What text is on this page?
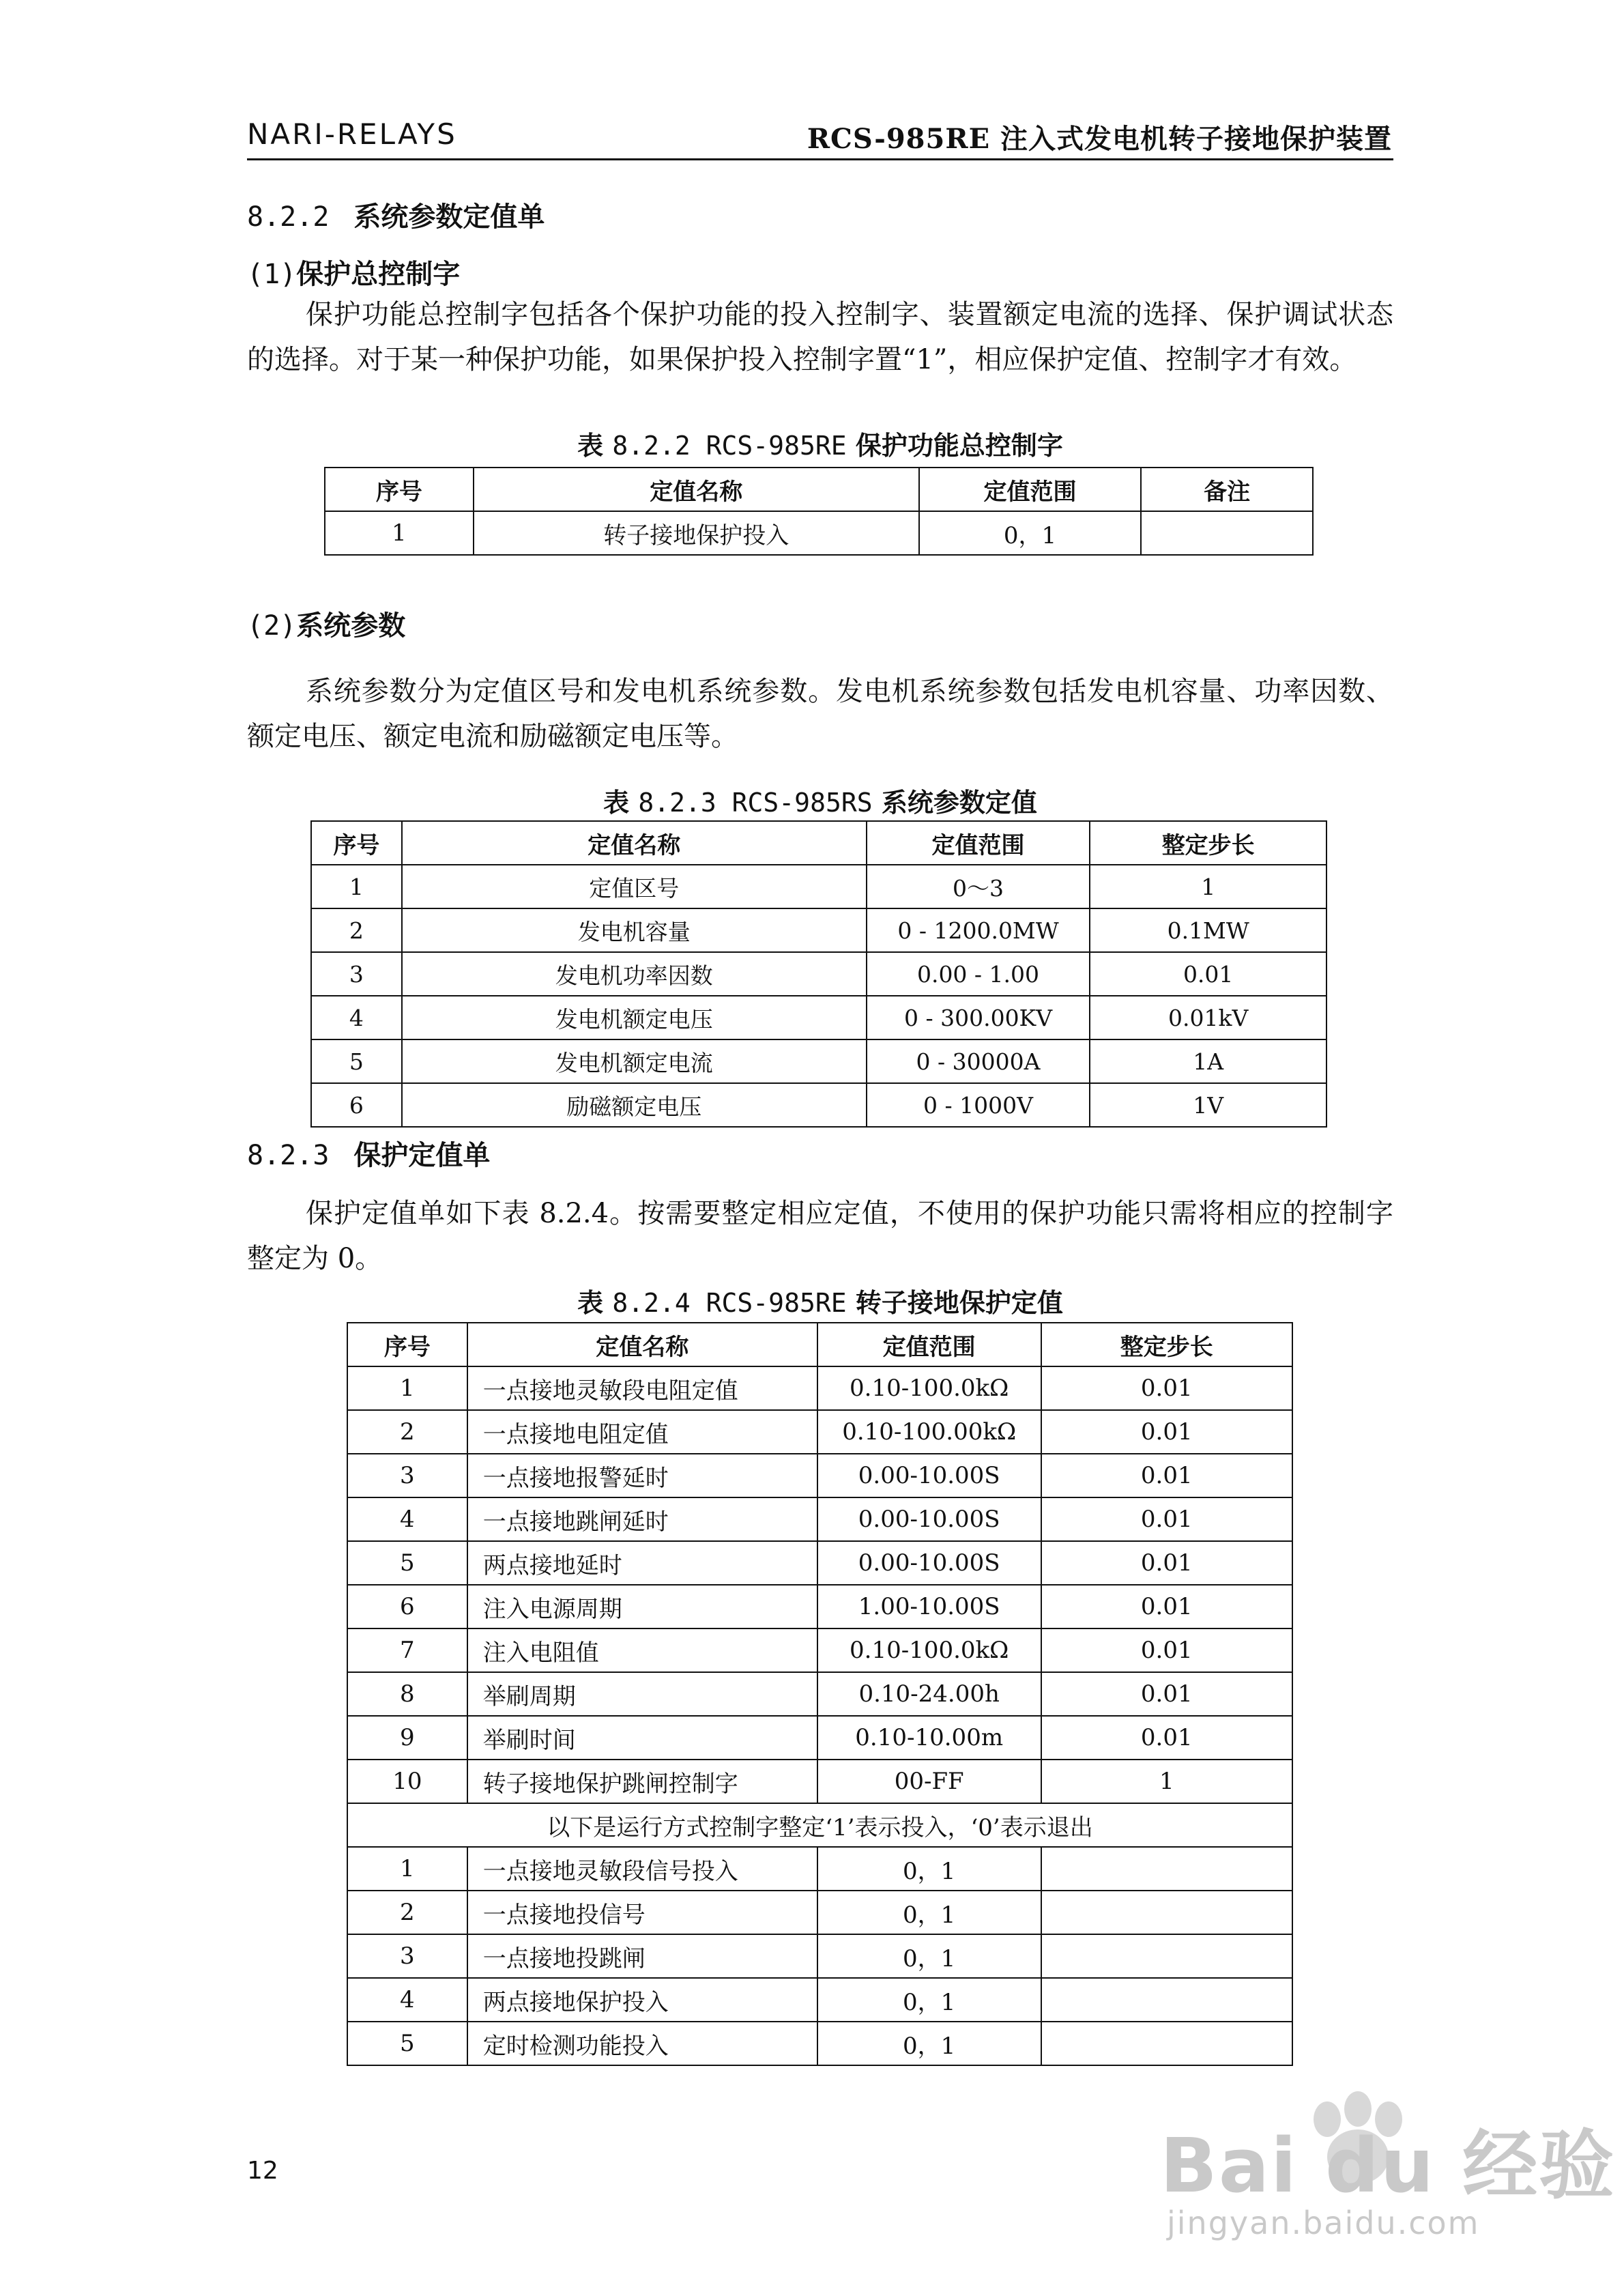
NARI-RELAYS	RCS-985RE 注入式发电机转子接地保护装置
8.2.2 系统参数定值单
(1)保护总控制字
保护功能总控制字包括各个保护功能的投入控制字、装置额定电流的选择、保护调试状态的选择。对于某一种保护功能，如果保护投入控制字置“1”，相应保护定值、控制字才有效。
表 8.2.2 RCS-985RE 保护功能总控制字
序号	定值名称	定值范围	备注
1	转子接地保护投入	0，1	
(2)系统参数
系统参数分为定值区号和发电机系统参数。发电机系统参数包括发电机容量、功率因数、额定电压、额定电流和励磁额定电压等。
表 8.2.3 RCS-985RS 系统参数定值
序号	定值名称	定值范围	整定步长
1	定值区号	0～3	1
2	发电机容量	0 - 1200.0MW	0.1MW
3	发电机功率因数	0.00 - 1.00	0.01
4	发电机额定电压	0 - 300.00KV	0.01kV
5	发电机额定电流	0 - 30000A	1A
6	励磁额定电压	0 - 1000V	1V
8.2.3 保护定值单
保护定值单如下表 8.2.4。按需要整定相应定值，不使用的保护功能只需将相应的控制字整定为 0。
表 8.2.4 RCS-985RE 转子接地保护定值
序号	定值名称	定值范围	整定步长
1	一点接地灵敏段电阻定值	0.10-100.0kΩ	0.01
2	一点接地电阻定值	0.10-100.00kΩ	0.01
3	一点接地报警延时	0.00-10.00S	0.01
4	一点接地跳闸延时	0.00-10.00S	0.01
5	两点接地延时	0.00-10.00S	0.01
6	注入电源周期	1.00-10.00S	0.01
7	注入电阻值	0.10-100.0kΩ	0.01
8	举刷周期	0.10-24.00h	0.01
9	举刷时间	0.10-10.00m	0.01
10	转子接地保护跳闸控制字	00-FF	1
以下是运行方式控制字整定‘1’表示投入，‘0’表示退出			
1	一点接地灵敏段信号投入	0，1	
2	一点接地投信号	0，1	
3	一点接地投跳闸	0，1	
4	两点接地保护投入	0，1	
5	定时检测功能投入	0，1	
12	Bai du 经验
jingyan.baidu.com
